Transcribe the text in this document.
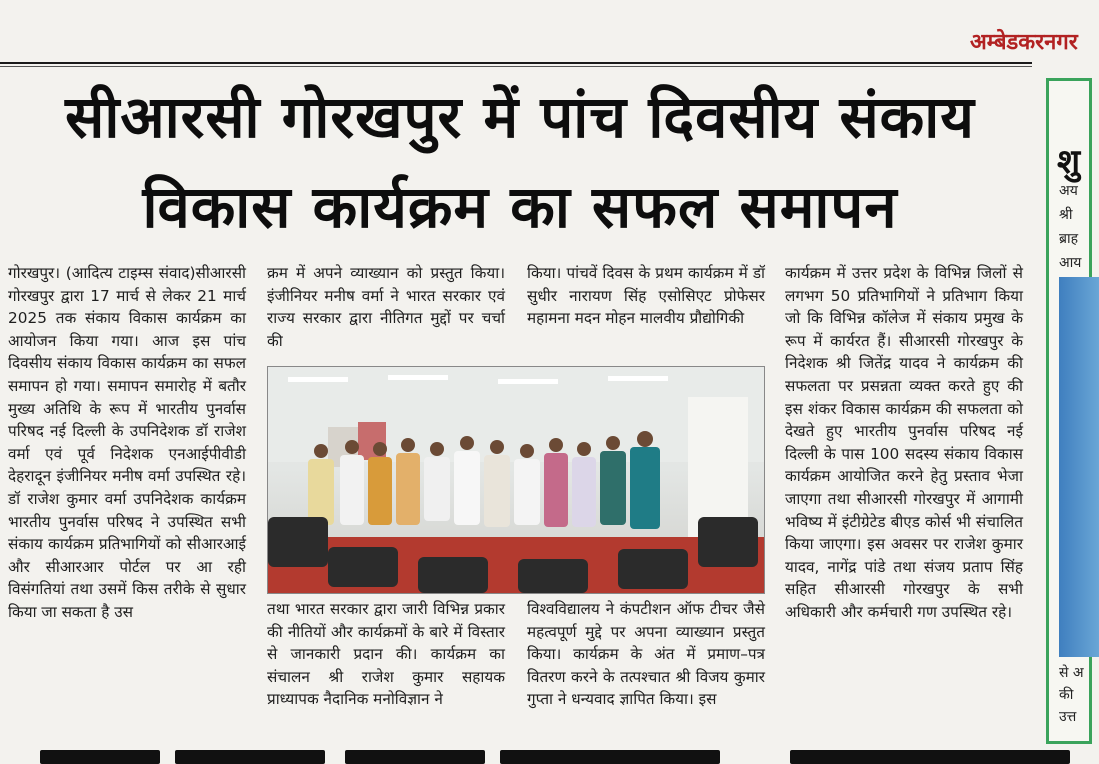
अम्बेडकरनगर
सीआरसी गोरखपुर में पांच दिवसीय संकाय
विकास कार्यक्रम का सफल समापन
गोरखपुर। (आदित्य टाइम्स संवाद)सीआरसी गोरखपुर द्वारा 17 मार्च से लेकर 21 मार्च 2025 तक संकाय विकास कार्यक्रम का आयोजन किया गया। आज इस पांच दिवसीय संकाय विकास कार्यक्रम का सफल समापन हो गया। समापन समारोह में बतौर मुख्य अतिथि के रूप में भारतीय पुनर्वास परिषद नई दिल्ली के उपनिदेशक डॉ राजेश वर्मा एवं पूर्व निदेशक एनआईपीवीडी देहरादून इंजीनियर मनीष वर्मा उपस्थित रहे। डॉ राजेश कुमार वर्मा उपनिदेशक कार्यक्रम भारतीय पुनर्वास परिषद ने उपस्थित सभी संकाय कार्यक्रम प्रतिभागियों को सीआरआई और सीआरआर पोर्टल पर आ रही विसंगतियां तथा उसमें किस तरीके से सुधार किया जा सकता है उस
क्रम में अपने व्याख्यान को प्रस्तुत किया। इंजीनियर मनीष वर्मा ने भारत सरकार एवं राज्य सरकार द्वारा नीतिगत मुद्दों पर चर्चा की
किया। पांचवें दिवस के प्रथम कार्यक्रम में डॉ सुधीर नारायण सिंह एसोसिएट प्रोफेसर महामना मदन मोहन मालवीय प्रौद्योगिकी
तथा भारत सरकार द्वारा जारी विभिन्न प्रकार की नीतियों और कार्यक्रमों के बारे में विस्तार से जानकारी प्रदान की। कार्यक्रम का संचालन श्री राजेश कुमार सहायक प्राध्यापक नैदानिक मनोविज्ञान ने
विश्वविद्यालय ने कंपटीशन ऑफ टीचर जैसे महत्वपूर्ण मुद्दे पर अपना व्याख्यान प्रस्तुत किया। कार्यक्रम के अंत में प्रमाण–पत्र वितरण करने के तत्पश्चात श्री विजय कुमार गुप्ता ने धन्यवाद ज्ञापित किया। इस
कार्यक्रम में उत्तर प्रदेश के विभिन्न जिलों से लगभग 50 प्रतिभागियों ने प्रतिभाग किया जो कि विभिन्न कॉलेज में संकाय प्रमुख के रूप में कार्यरत हैं। सीआरसी गोरखपुर के निदेशक श्री जितेंद्र यादव ने कार्यक्रम की सफलता पर प्रसन्नता व्यक्त करते हुए की इस शंकर विकास कार्यक्रम की सफलता को देखते हुए भारतीय पुनर्वास परिषद नई दिल्ली के पास 100 सदस्य संकाय विकास कार्यक्रम आयोजित करने हेतु प्रस्ताव भेजा जाएगा तथा सीआरसी गोरखपुर में आगामी भविष्य में इंटीग्रेटेड बीएड कोर्स भी संचालित किया जाएगा। इस अवसर पर राजेश कुमार यादव, नागेंद्र पांडे तथा संजय प्रताप सिंह सहित सीआरसी गोरखपुर के सभी अधिकारी और कर्मचारी गण उपस्थित रहे।
शु
अय
श्री
ब्राह
आय
से अ
की
उत्त
